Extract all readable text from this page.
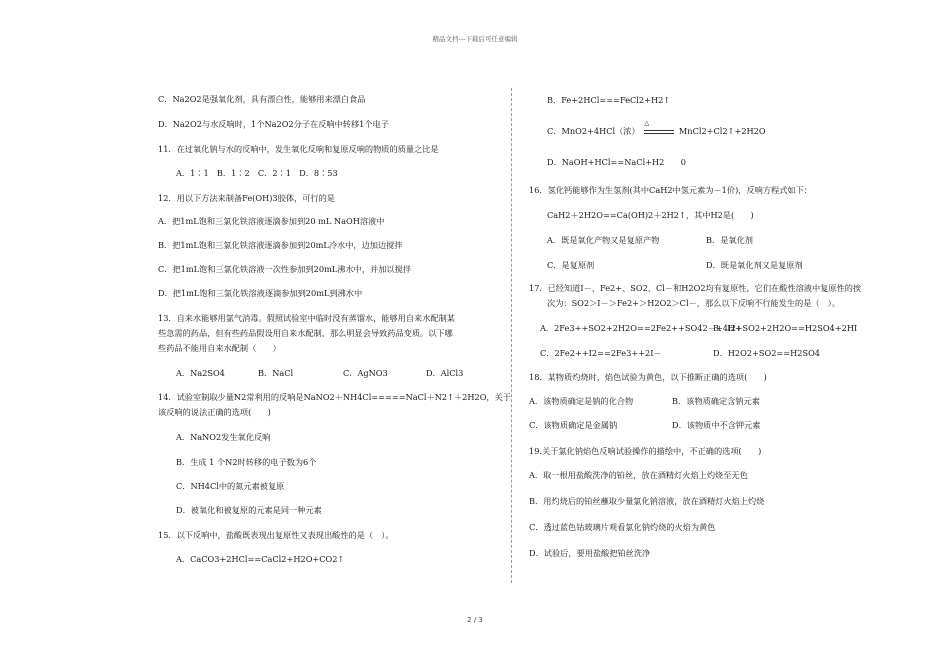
精品文档---下载后可任意编辑
C．Na2O2是强氧化剂，具有漂白性，能够用来漂白食品
D．Na2O2与水反响时，1个Na2O2分子在反响中转移1个电子
11．在过氧化钠与水的反响中，发生氧化反响和复原反响的物质的质量之比是
A．1∶1　B．1∶2　C．2∶1　D．8∶53
12．用以下方法来制备Fe(OH)3胶体，可行的是
A．把1mL饱和三氯化铁溶液逐滴参加到20 mL NaOH溶液中
B．把1mL饱和三氯化铁溶液逐滴参加到20mL冷水中，边加边搅拌
C．把1mL饱和三氯化铁溶液一次性参加到20mL沸水中，并加以搅拌
D．把1mL饱和三氯化铁溶液逐滴参加到20mL到沸水中
13．自来水能够用氯气消毒。假照试验室中临时没有蒸馏水，能够用自来水配制某
些急需的药品，但有些药品假设用自来水配制，那么明显会导致药品变质。以下哪
些药品不能用自来水配制（　　）
A．Na2SO4	B．NaCl	C．AgNO3	D．AlCl3
14．试验室制取少量N2常利用的反响是NaNO2＋NH4Cl=====NaCl＋N2↑＋2H2O，关于
该反响的说法正确的选项(　　)
A．NaNO2发生氧化反响
B．生成 1 个N2时转移的电子数为6个
C．NH4Cl中的氮元素被复原
D．被氧化和被复原的元素是同一种元素
15．以下反响中，盐酸既表现出复原性又表现出酸性的是（　）。
A．CaCO3+2HCl==CaCl2+H2O+CO2↑
B．Fe+2HCl===FeCl2+H2↑
C．MnO2+4HCl（浓）
△
MnCl2+Cl2↑+2H2O
D．NaOH+HCl==NaCl+H2　　0
16．氢化钙能够作为生氢剂(其中CaH2中氢元素为－1价)，反响方程式如下：
CaH2＋2H2O==Ca(OH)2＋2H2↑，其中H2是(　　)
A．既是氧化产物又是复原产物	B．是氧化剂
C．是复原剂	D．既是氧化剂又是复原剂
17．已经知道I－、Fe2+、SO2、Cl－和H2O2均有复原性，它们在酸性溶液中复原性的挨
次为：SO2＞I－＞Fe2+＞H2O2＞Cl－，那么以下反响不行能发生的是（　）。
A．2Fe3++SO2+2H2O==2Fe2++SO42－+4H+
B．I2+SO2+2H2O==H2SO4+2HI
C．2Fe2++I2==2Fe3++2I－	D．H2O2+SO2==H2SO4
18．某物质灼烧时，焰色试验为黄色，以下推断正确的选项(　　)
A．该物质确定是钠的化合物	B．该物质确定含钠元素
C．该物质确定是金属钠	D．该物质中不含钾元素
19.关于氯化钠焰色反响试验操作的描绘中，不正确的选项(　　)
A．取一根用盐酸洗净的铂丝，放在酒精灯火焰上灼烧至无色
B．用灼烧后的铂丝蘸取少量氯化钠溶液，放在酒精灯火焰上灼烧
C．透过蓝色钴玻璃片观看氯化钠灼烧的火焰为黄色
D．试验后，要用盐酸把铂丝洗净
2 / 3
